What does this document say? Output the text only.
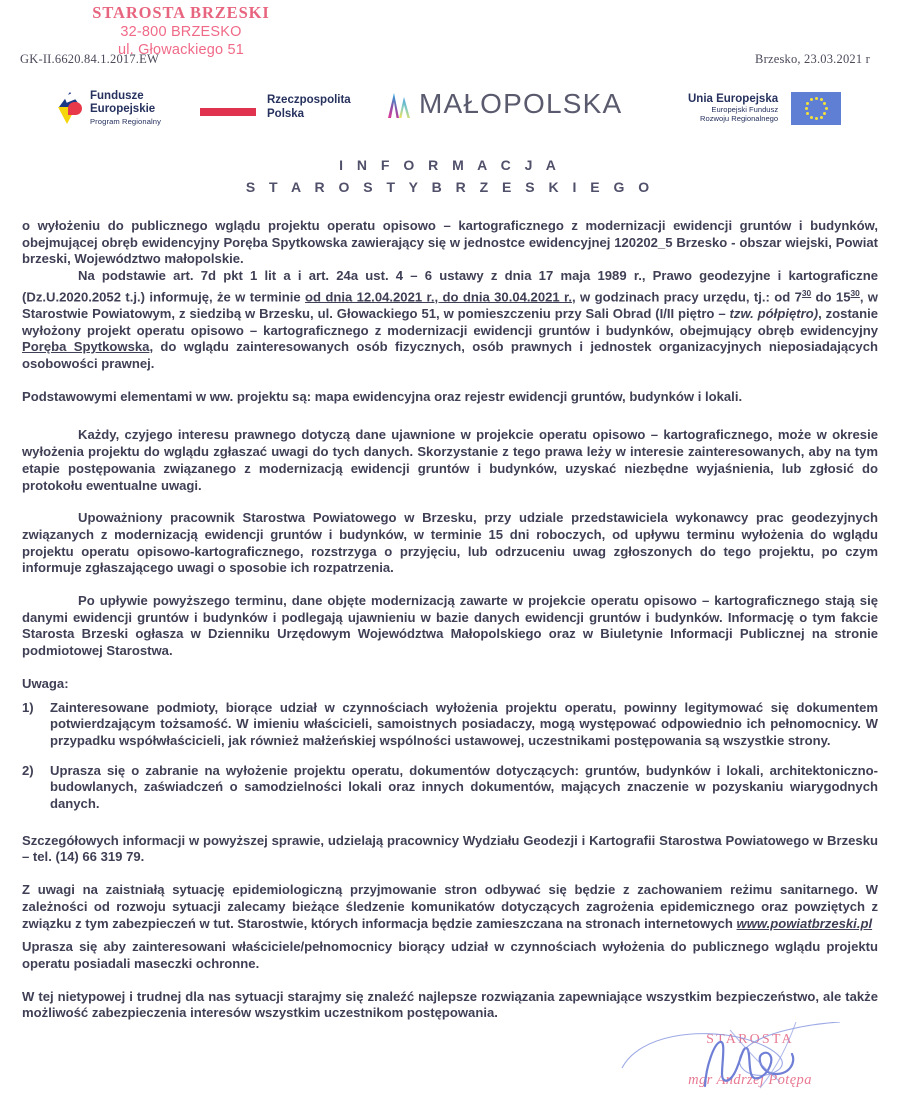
STAROSTA BRZESKI
32-800 BRZESKO
ul. Głowackiego 51
GK-II.6620.84.1.2017.EW	Brzesko, 23.03.2021 r
Fundusze
Europejskie
Program Regionalny
Rzeczpospolita
Polska	MAŁOPOLSKA	Unia Europejska
Europejski Fundusz
Rozwoju Regionalnego
I N F O R M A C J A
S T A R O S T Y B R Z E S K I E G O

o wyłożeniu do publicznego wglądu projektu operatu opisowo – kartograficznego z modernizacji ewidencji gruntów i budynków, obejmującej obręb ewidencyjny Poręba Spytkowska zawierający się w jednostce ewidencyjnej 120202_5 Brzesko - obszar wiejski, Powiat brzeski, Województwo małopolskie.

Na podstawie art. 7d pkt 1 lit a i art. 24a ust. 4 – 6 ustawy z dnia 17 maja 1989 r., Prawo geodezyjne i kartograficzne (Dz.U.2020.2052 t.j.) informuję, że w terminie od dnia 12.04.2021 r., do dnia 30.04.2021 r., w godzinach pracy urzędu, tj.: od $7^{30}$ do $15^{30}$, w Starostwie Powiatowym, z siedzibą w Brzesku, ul. Głowackiego 51, w pomieszczeniu przy Sali Obrad (I/II piętro – tzw. półpiętro), zostanie wyłożony projekt operatu opisowo – kartograficznego z modernizacji ewidencji gruntów i budynków, obejmujący obręb ewidencyjny Poręba Spytkowska, do wglądu zainteresowanych osób fizycznych, osób prawnych i jednostek organizacyjnych nieposiadających osobowości prawnej.

Podstawowymi elementami w ww. projektu są: mapa ewidencyjna oraz rejestr ewidencji gruntów, budynków i lokali.

Każdy, czyjego interesu prawnego dotyczą dane ujawnione w projekcie operatu opisowo – kartograficznego, może w okresie wyłożenia projektu do wglądu zgłaszać uwagi do tych danych. Skorzystanie z tego prawa leży w interesie zainteresowanych, aby na tym etapie postępowania związanego z modernizacją ewidencji gruntów i budynków, uzyskać niezbędne wyjaśnienia, lub zgłosić do protokołu ewentualne uwagi.

Upoważniony pracownik Starostwa Powiatowego w Brzesku, przy udziale przedstawiciela wykonawcy prac geodezyjnych związanych z modernizacją ewidencji gruntów i budynków, w terminie 15 dni roboczych, od upływu terminu wyłożenia do wglądu projektu operatu opisowo-kartograficznego, rozstrzyga o przyjęciu, lub odrzuceniu uwag zgłoszonych do tego projektu, po czym informuje zgłaszającego uwagi o sposobie ich rozpatrzenia.

Po upływie powyższego terminu, dane objęte modernizacją zawarte w projekcie operatu opisowo – kartograficznego stają się danymi ewidencji gruntów i budynków i podlegają ujawnieniu w bazie danych ewidencji gruntów i budynków. Informację o tym fakcie Starosta Brzeski ogłasza w Dzienniku Urzędowym Województwa Małopolskiego oraz w Biuletynie Informacji Publicznej na stronie podmiotowej Starostwa.

Uwaga:

1) Zainteresowane podmioty, biorące udział w czynnościach wyłożenia projektu operatu, powinny legitymować się dokumentem potwierdzającym tożsamość. W imieniu właścicieli, samoistnych posiadaczy, mogą występować odpowiednio ich pełnomocnicy. W przypadku współwłaścicieli, jak również małżeńskiej wspólności ustawowej, uczestnikami postępowania są wszystkie strony.
2) Uprasza się o zabranie na wyłożenie projektu operatu, dokumentów dotyczących: gruntów, budynków i lokali, architektoniczno-budowlanych, zaświadczeń o samodzielności lokali oraz innych dokumentów, mających znaczenie w pozyskaniu wiarygodnych danych.

Szczegółowych informacji w powyższej sprawie, udzielają pracownicy Wydziału Geodezji i Kartografii Starostwa Powiatowego w Brzesku – tel. (14) 66 319 79.

Z uwagi na zaistniałą sytuację epidemiologiczną przyjmowanie stron odbywać się będzie z zachowaniem reżimu sanitarnego. W zależności od rozwoju sytuacji zalecamy bieżące śledzenie komunikatów dotyczących zagrożenia epidemicznego oraz powziętych z związku z tym zabezpieczeń w tut. Starostwie, których informacja będzie zamieszczana na stronach internetowych www.powiatbrzeski.pl

Uprasza się aby zainteresowani właściciele/pełnomocnicy biorący udział w czynnościach wyłożenia do publicznego wglądu projektu operatu posiadali maseczki ochronne.

W tej nietypowej i trudnej dla nas sytuacji starajmy się znaleźć najlepsze rozwiązania zapewniające wszystkim bezpieczeństwo, ale także możliwość zabezpieczenia interesów wszystkim uczestnikom postępowania.

STAROSTA
mgr Andrzej Potępa
